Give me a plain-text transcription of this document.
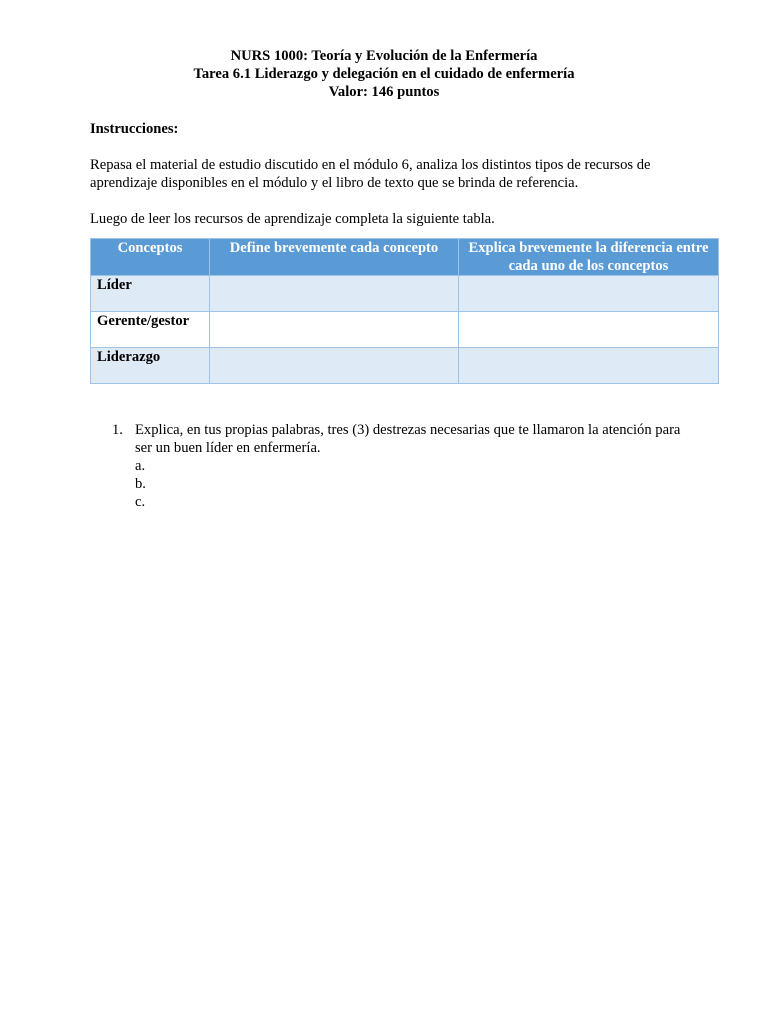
NURS 1000: Teoría y Evolución de la Enfermería
Tarea 6.1 Liderazgo y delegación en el cuidado de enfermería
Valor: 146 puntos
Instrucciones:
Repasa el material de estudio discutido en el módulo 6, analiza los distintos tipos de recursos de aprendizaje disponibles en el módulo y el libro de texto que se brinda de referencia.
Luego de leer los recursos de aprendizaje completa la siguiente tabla.
Conceptos	Define brevemente cada concepto	Explica brevemente la diferencia entre cada uno de los conceptos
Líder		
Gerente/gestor		
Liderazgo		
1. Explica, en tus propias palabras, tres (3) destrezas necesarias que te llamaron la atención para ser un buen líder en enfermería.
a.
b.
c.
